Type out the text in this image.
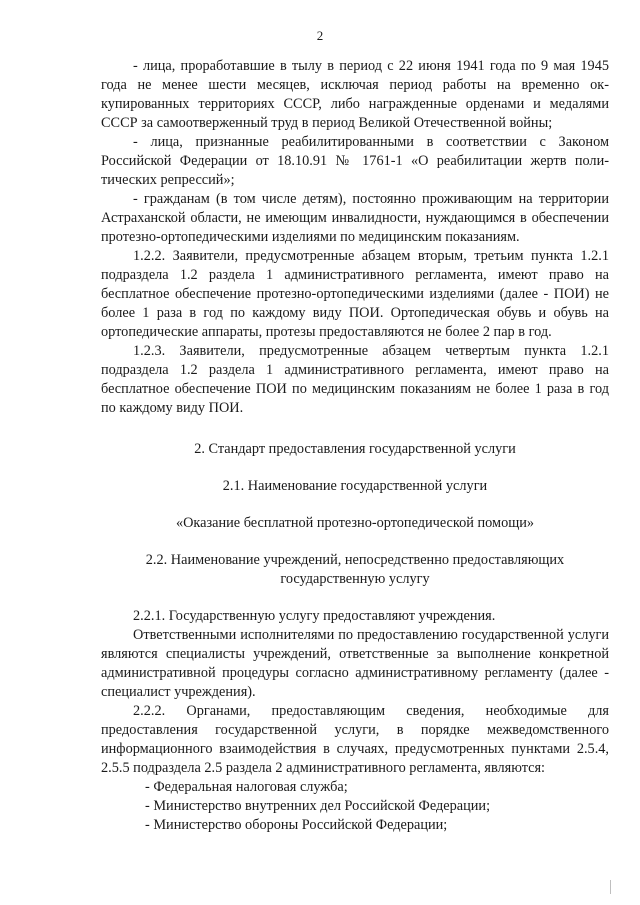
2

- лица, проработавшие в тылу в период с 22 июня 1941 года по 9 мая 1945 года не менее шести месяцев, исключая период работы на временно оккупированных территориях СССР, либо награжденные орденами и медалями СССР за самоотверженный труд в период Великой Отечественной войны;

- лица, признанные реабилитированными в соответствии с Законом Российской Федерации от 18.10.91 № 1761-1 «О реабилитации жертв политических репрессий»;

- гражданам (в том числе детям), постоянно проживающим на территории Астраханской области, не имеющим инвалидности, нуждающимся в обеспечении протезно-ортопедическими изделиями по медицинским показаниям.

1.2.2. Заявители, предусмотренные абзацем вторым, третьим пункта 1.2.1 подраздела 1.2 раздела 1 административного регламента, имеют право на бесплатное обеспечение протезно-ортопедическими изделиями (далее - ПОИ) не более 1 раза в год по каждому виду ПОИ. Ортопедическая обувь и обувь на ортопедические аппараты, протезы предоставляются не более 2 пар в год.

1.2.3. Заявители, предусмотренные абзацем четвертым пункта 1.2.1 подраздела 1.2 раздела 1 административного регламента, имеют право на бесплатное обеспечение ПОИ по медицинским показаниям не более 1 раза в год по каждому виду ПОИ.

2. Стандарт предоставления государственной услуги

2.1. Наименование государственной услуги

«Оказание бесплатной протезно-ортопедической помощи»

2.2. Наименование учреждений, непосредственно предоставляющих государственную услугу

2.2.1. Государственную услугу предоставляют учреждения.

Ответственными исполнителями по предоставлению государственной услуги являются специалисты учреждений, ответственные за выполнение конкретной административной процедуры согласно административному регламенту (далее - специалист учреждения).

2.2.2. Органами, предоставляющим сведения, необходимые для предоставления государственной услуги, в порядке межведомственного информационного взаимодействия в случаях, предусмотренных пунктами 2.5.4, 2.5.5 подраздела 2.5 раздела 2 административного регламента, являются:

- Федеральная налоговая служба;

- Министерство внутренних дел Российской Федерации;

- Министерство обороны Российской Федерации;
